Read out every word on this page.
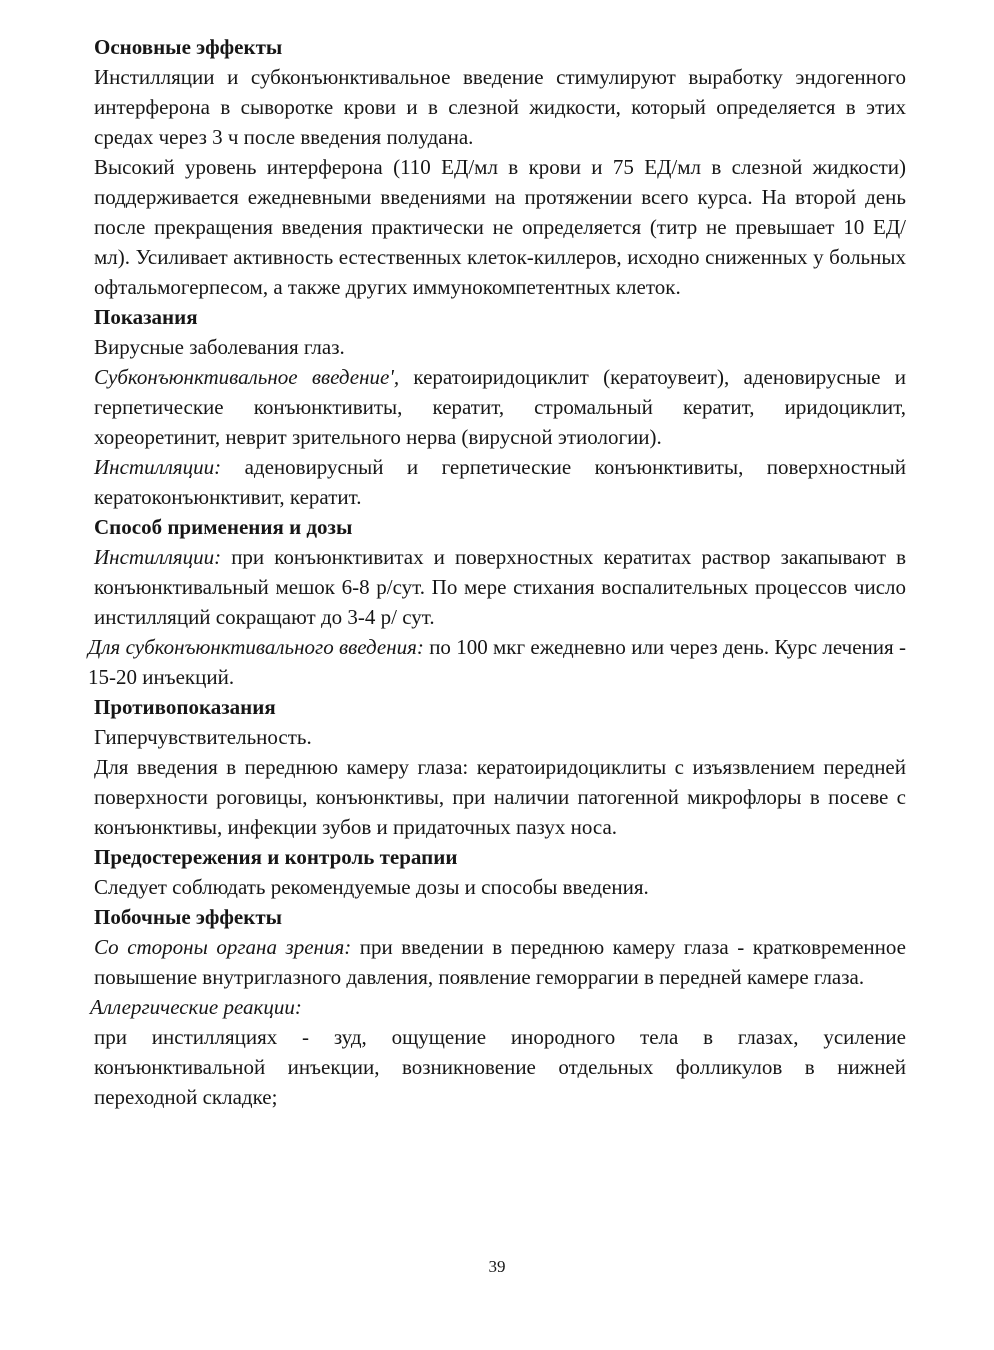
Основные эффекты

Инстилляции и субконъюнктивальное введение стимулируют выработку эндогенного интерферона в сыворотке крови и в слезной жидкости, который определяется в этих средах через 3 ч после введения полудана.

Высокий уровень интерферона (110 ЕД/мл в крови и 75 ЕД/мл в слезной жидкости) поддерживается ежедневными введениями на протяжении всего курса. На второй день после прекращения введения практически не определяется (титр не превышает 10 ЕД/мл). Усиливает активность естественных клеток-киллеров, исходно сниженных у больных офтальмогерпесом, а также других иммунокомпетентных клеток.

Показания

Вирусные заболевания глаз.

Субконъюнктивальное введение', кератоиридоциклит (кератоувеит), аденовирусные и герпетические конъюнктивиты, кератит, стромальный кератит, иридоциклит, хореоретинит, неврит зрительного нерва (вирусной этиологии).

Инстилляции: аденовирусный и герпетические конъюнктивиты, поверхностный кератоконъюнктивит, кератит.

Способ применения и дозы

Инстилляции: при конъюнктивитах и поверхностных кератитах раствор закапывают в конъюнктивальный мешок 6-8 р/сут. По мере стихания воспалительных процессов число инстилляций сокращают до 3-4 р/ сут.

Для субконъюнктивального введения: по 100 мкг ежедневно или через день. Курс лечения - 15-20 инъекций.

Противопоказания

Гиперчувствительность.

Для введения в переднюю камеру глаза: кератоиридоциклиты с изъязвлением передней поверхности роговицы, конъюнктивы, при наличии патогенной микрофлоры в посеве с конъюнктивы, инфекции зубов и придаточных пазух носа.

Предостережения и контроль терапии

Следует соблюдать рекомендуемые дозы и способы введения.

Побочные эффекты

Со стороны органа зрения: при введении в переднюю камеру глаза - кратковременное повышение внутриглазного давления, появление геморрагии в передней камере глаза.

Аллергические реакции:

при инстилляциях - зуд, ощущение инородного тела в глазах, усиление конъюнктивальной инъекции, возникновение отдельных фолликулов в нижней переходной складке;

39
